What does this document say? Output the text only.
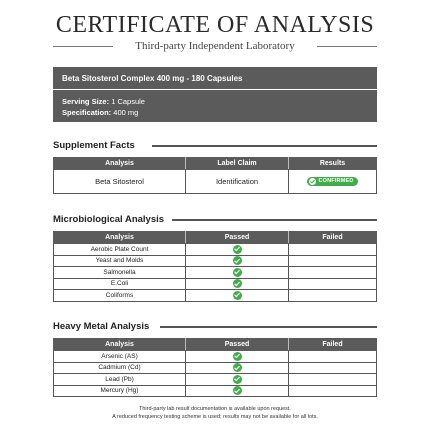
CERTIFICATE OF ANALYSIS
Third-party Independent Laboratory
Beta Sitosterol Complex 400 mg - 180 Capsules
Serving Size: 1 Capsule
Specification: 400 mg
Supplement Facts
Analysis	Label Claim	Results
Beta Sitosterol	Identification	CONFIRMED
Microbiological Analysis
Analysis	Passed	Failed
Aerobic Plate Count	

Yeast and Molds	

Salmonella	

E.Coli	

Coliforms	

Heavy Metal Analysis
Analysis	Passed	Failed
Arsenic (AS)	

Cadmium (Cd)	

Lead (Pb)	

Mercury (Hg)	

Third-party lab result documentation is available upon request.
A reduced frequency testing scheme is used; results may not be available for all lots.
